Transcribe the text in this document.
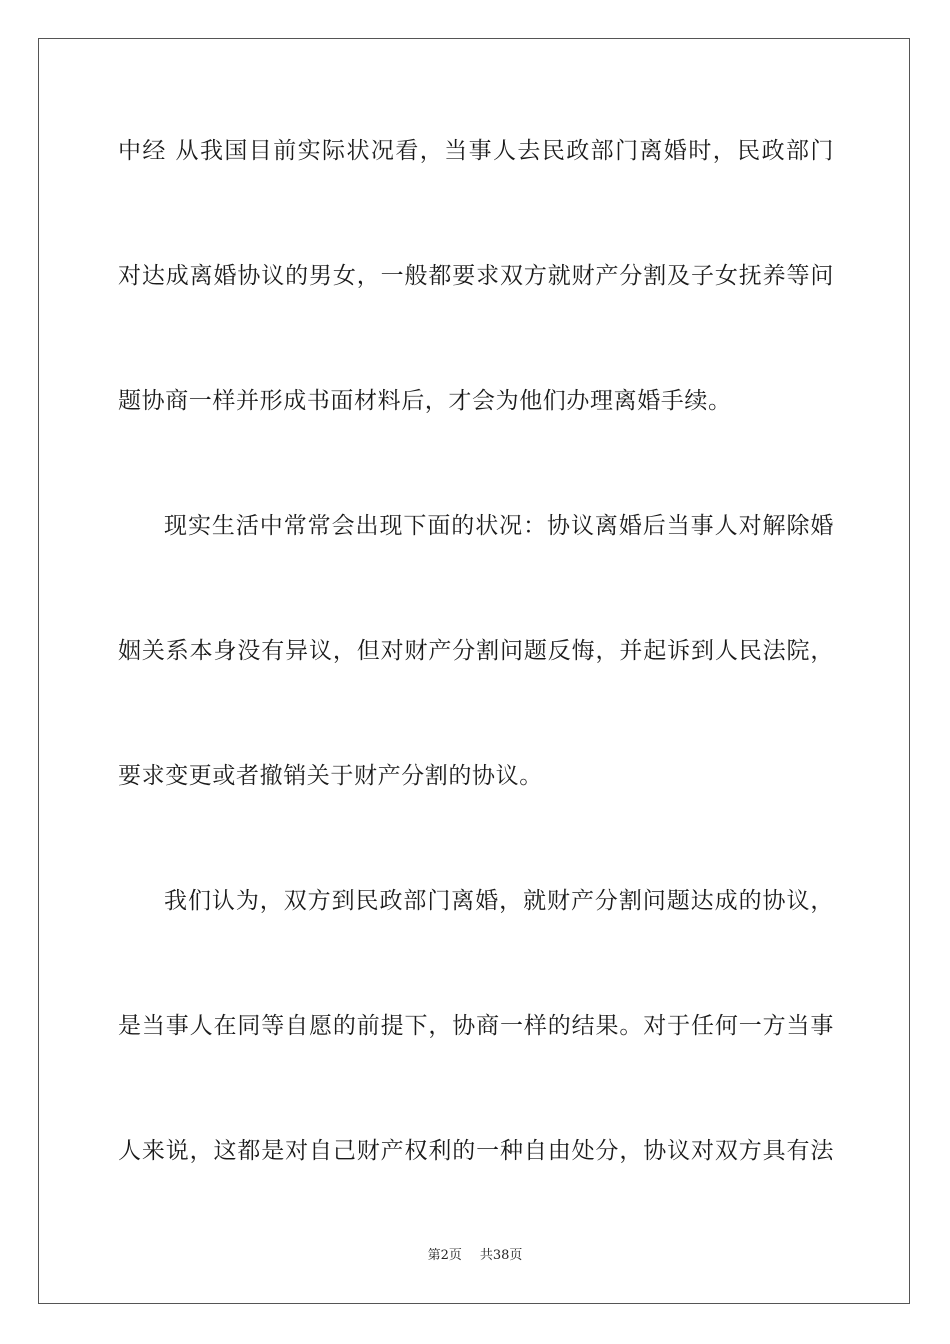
中经 从我国目前实际状况看，当事人去民政部门离婚时，民政部门
对达成离婚协议的男女，一般都要求双方就财产分割及子女抚养等问
题协商一样并形成书面材料后，才会为他们办理离婚手续。
现实生活中常常会出现下面的状况：协议离婚后当事人对解除婚
姻关系本身没有异议，但对财产分割问题反悔，并起诉到人民法院，
要求变更或者撤销关于财产分割的协议。
我们认为，双方到民政部门离婚，就财产分割问题达成的协议，
是当事人在同等自愿的前提下，协商一样的结果。对于任何一方当事
人来说，这都是对自己财产权利的一种自由处分，协议对双方具有法
第2页 共38页
